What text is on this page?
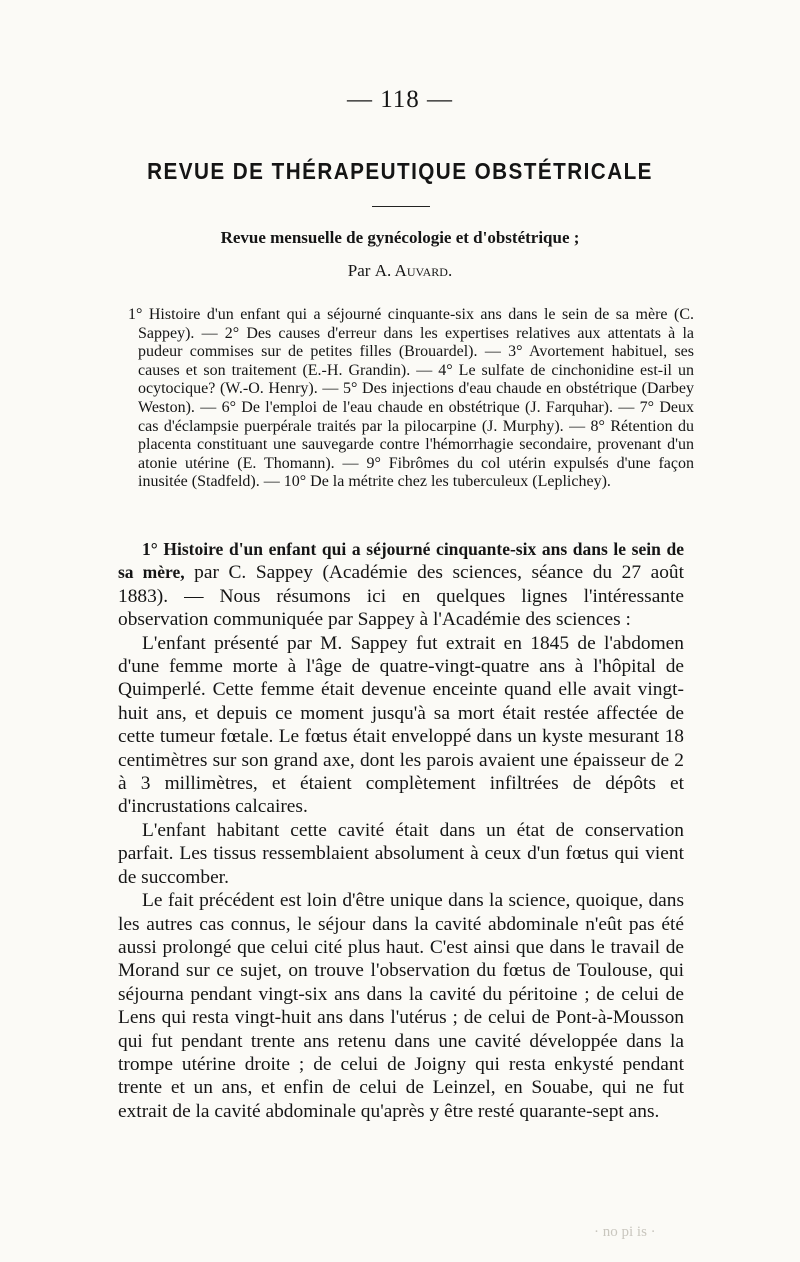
— 118 —
REVUE DE THÉRAPEUTIQUE OBSTÉTRICALE
Revue mensuelle de gynécologie et d'obstétrique ;
Par A. Auvard.
1° Histoire d'un enfant qui a séjourné cinquante-six ans dans le sein de sa mère (C. Sappey). — 2° Des causes d'erreur dans les expertises relatives aux attentats à la pudeur commises sur de petites filles (Brouardel). — 3° Avortement habituel, ses causes et son traitement (E.-H. Grandin). — 4° Le sulfate de cinchonidine est-il un ocytocique? (W.-O. Henry). — 5° Des injections d'eau chaude en obstétrique (Darbey Weston). — 6° De l'emploi de l'eau chaude en obstétrique (J. Farquhar). — 7° Deux cas d'éclampsie puerpérale traités par la pilocarpine (J. Murphy). — 8° Rétention du placenta constituant une sauvegarde contre l'hémorrhagie secondaire, provenant d'un atonie utérine (E. Thomann). — 9° Fibrômes du col utérin expulsés d'une façon inusitée (Stadfeld). — 10° De la métrite chez les tuberculeux (Leplichey).

1° Histoire d'un enfant qui a séjourné cinquante-six ans dans le sein de sa mère, par C. Sappey (Académie des sciences, séance du 27 août 1883). — Nous résumons ici en quelques lignes l'intéressante observation communiquée par Sappey à l'Académie des sciences :

L'enfant présenté par M. Sappey fut extrait en 1845 de l'abdomen d'une femme morte à l'âge de quatre-vingt-quatre ans à l'hôpital de Quimperlé. Cette femme était devenue enceinte quand elle avait vingt-huit ans, et depuis ce moment jusqu'à sa mort était restée affectée de cette tumeur fœtale. Le fœtus était enveloppé dans un kyste mesurant 18 centimètres sur son grand axe, dont les parois avaient une épaisseur de 2 à 3 millimètres, et étaient complètement infiltrées de dépôts et d'incrustations calcaires.

L'enfant habitant cette cavité était dans un état de conservation parfait. Les tissus ressemblaient absolument à ceux d'un fœtus qui vient de succomber.

Le fait précédent est loin d'être unique dans la science, quoique, dans les autres cas connus, le séjour dans la cavité abdominale n'eût pas été aussi prolongé que celui cité plus haut. C'est ainsi que dans le travail de Morand sur ce sujet, on trouve l'observation du fœtus de Toulouse, qui séjourna pendant vingt-six ans dans la cavité du péritoine ; de celui de Lens qui resta vingt-huit ans dans l'utérus ; de celui de Pont-à-Mousson qui fut pendant trente ans retenu dans une cavité développée dans la trompe utérine droite ; de celui de Joigny qui resta enkysté pendant trente et un ans, et enfin de celui de Leinzel, en Souabe, qui ne fut extrait de la cavité abdominale qu'après y être resté quarante-sept ans.

· no pi is ·
